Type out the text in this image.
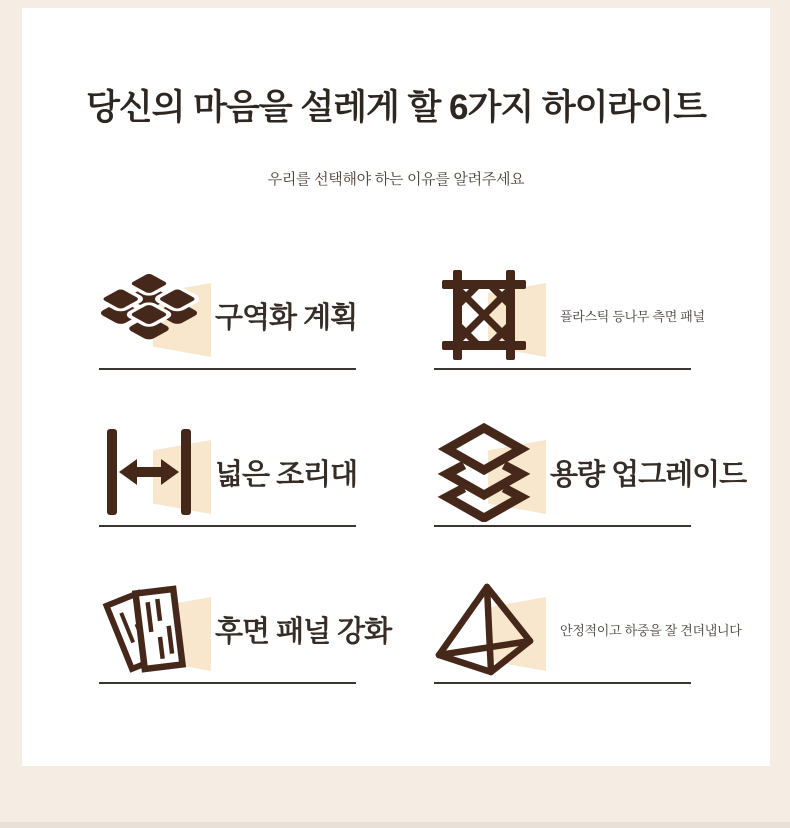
당신의 마음을 설레게 할 6가지 하이라이트
우리를 선택해야 하는 이유를 알려주세요
구역화 계획	플라스틱 등나무 측면 패널
넓은 조리대	용량 업그레이드
후면 패널 강화	안정적이고 하중을 잘 견뎌냅니다
